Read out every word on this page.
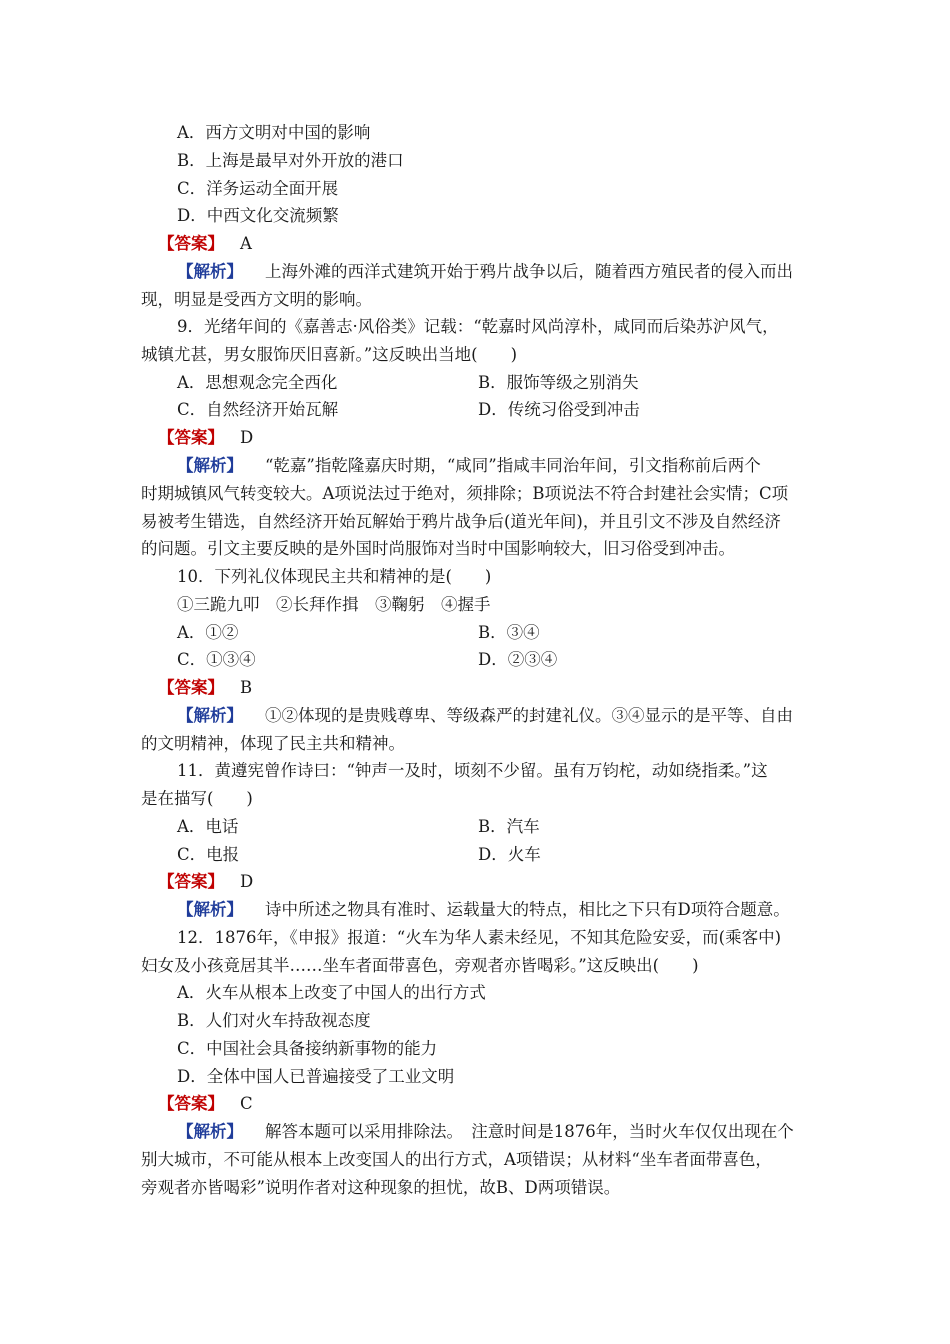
A．西方文明对中国的影响
B．上海是最早对外开放的港口
C．洋务运动全面开展
D．中西文化交流频繁
【答案】 A
【解析】 上海外滩的西洋式建筑开始于鸦片战争以后，随着西方殖民者的侵入而出
现，明显是受西方文明的影响。
9．光绪年间的《嘉善志·风俗类》记载：“乾嘉时风尚淳朴，咸同而后染苏沪风气，
城镇尤甚，男女服饰厌旧喜新。”这反映出当地(　　)
A．思想观念完全西化	B．服饰等级之别消失
C．自然经济开始瓦解	D．传统习俗受到冲击
【答案】 D
【解析】 “乾嘉”指乾隆嘉庆时期，“咸同”指咸丰同治年间，引文指称前后两个
时期城镇风气转变较大。A项说法过于绝对，须排除；B项说法不符合封建社会实情；C项
易被考生错选，自然经济开始瓦解始于鸦片战争后(道光年间)，并且引文不涉及自然经济
的问题。引文主要反映的是外国时尚服饰对当时中国影响较大，旧习俗受到冲击。
10．下列礼仪体现民主共和精神的是(　　)
①三跪九叩　②长拜作揖　③鞠躬　④握手
A．①②	B．③④
C．①③④	D．②③④
【答案】 B
【解析】 ①②体现的是贵贱尊卑、等级森严的封建礼仪。③④显示的是平等、自由
的文明精神，体现了民主共和精神。
11．黄遵宪曾作诗曰：“钟声一及时，顷刻不少留。虽有万钧柁，动如绕指柔。”这
是在描写(　　)
A．电话	B．汽车
C．电报	D．火车
【答案】 D
【解析】 诗中所述之物具有准时、运载量大的特点，相比之下只有D项符合题意。
12．1876年，《申报》报道：“火车为华人素未经见，不知其危险安妥，而(乘客中)
妇女及小孩竟居其半……坐车者面带喜色，旁观者亦皆喝彩。”这反映出(　　)
A．火车从根本上改变了中国人的出行方式
B．人们对火车持敌视态度
C．中国社会具备接纳新事物的能力
D．全体中国人已普遍接受了工业文明
【答案】 C
【解析】 解答本题可以采用排除法。　注意时间是1876年，当时火车仅仅出现在个
别大城市，不可能从根本上改变国人的出行方式，A项错误；从材料“坐车者面带喜色，
旁观者亦皆喝彩”说明作者对这种现象的担忧，故B、D两项错误。
